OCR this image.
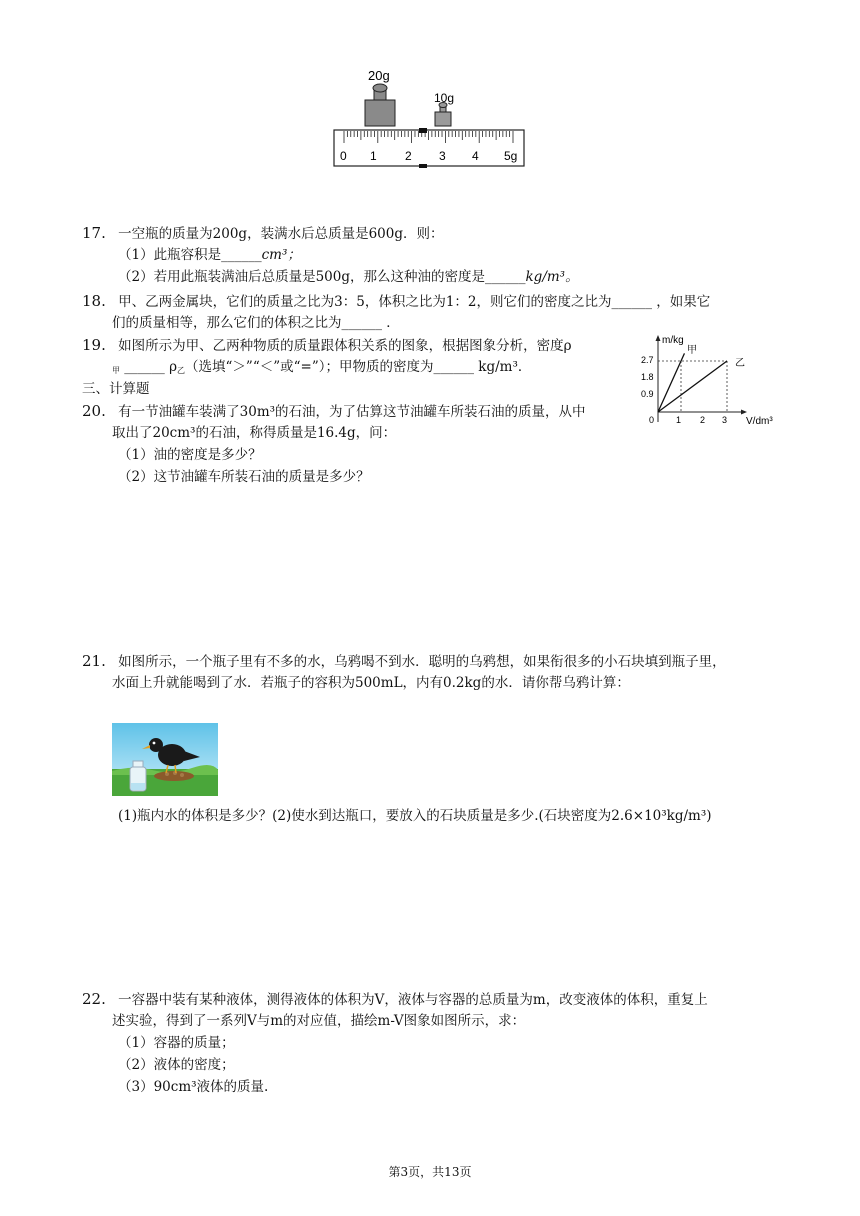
20g
10g
0 1 2 3 4 5g
17. 一空瓶的质量为200g，装满水后总质量是600g．则：
（1）此瓶容积是______cm³；
（2）若用此瓶装满油后总质量是500g，那么这种油的密度是______kg/m³。
18. 甲、乙两金属块，它们的质量之比为3：5，体积之比为1：2，则它们的密度之比为______ ，如果它
们的质量相等，那么它们的体积之比为______ ．
19. 如图所示为甲、乙两种物质的质量跟体积关系的图象，根据图象分析，密度ρ
$_甲$ ______ $\rho_乙$（选填“＞”“＜”或“=”）；甲物质的密度为______ kg/m³．
三、计算题
20. 有一节油罐车装满了30m³的石油，为了估算这节油罐车所装石油的质量，从中
取出了20cm³的石油，称得质量是16.4g，问：
（1）油的密度是多少？
（2）这节油罐车所装石油的质量是多少？
m/kg
V/dm³
2.7
1.8
0.9
0 1 2 3
甲
乙
21. 如图所示，一个瓶子里有不多的水，乌鸦喝不到水．聪明的乌鸦想，如果衔很多的小石块填到瓶子里，
水面上升就能喝到了水．若瓶子的容积为500mL，内有0.2kg的水．请你帮乌鸦计算：
(1)瓶内水的体积是多少？(2)使水到达瓶口，要放入的石块质量是多少.(石块密度为2.6×10³kg/m³)
22. 一容器中装有某种液体，测得液体的体积为V，液体与容器的总质量为m，改变液体的体积，重复上
述实验，得到了一系列V与m的对应值，描绘m-V图象如图所示，求：
（1）容器的质量；
（2）液体的密度；
（3）90cm³液体的质量.
第3页，共13页
